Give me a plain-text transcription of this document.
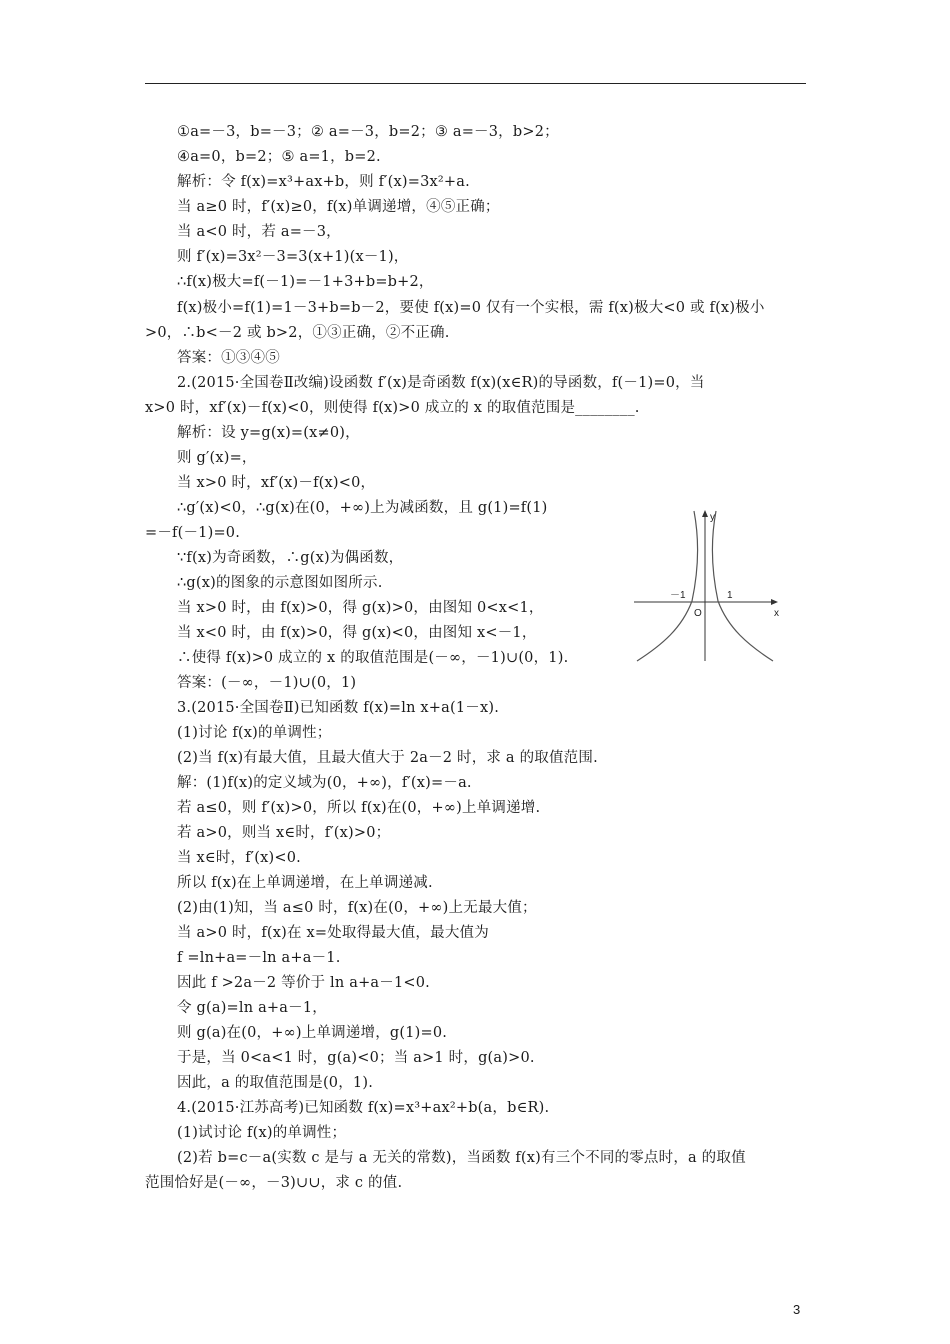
①a=－3，b=－3；② a=－3，b=2；③ a=－3，b>2；
④a=0，b=2；⑤ a=1，b=2.
解析：令 f(x)=x³+ax+b，则 f′(x)=3x²+a.
当 a≥0 时，f′(x)≥0，f(x)单调递增，④⑤正确；
当 a<0 时，若 a=－3，
则 f′(x)=3x²－3=3(x+1)(x－1)，
∴f(x)极大=f(－1)=－1+3+b=b+2，
f(x)极小=f(1)=1－3+b=b－2，要使 f(x)=0 仅有一个实根，需 f(x)极大<0 或 f(x)极小
>0，∴b<－2 或 b>2，①③正确，②不正确.
答案：①③④⑤
2.(2015·全国卷Ⅱ改编)设函数 f′(x)是奇函数 f(x)(x∈R)的导函数，f(－1)=0，当
x>0 时，xf′(x)－f(x)<0，则使得 f(x)>0 成立的 x 的取值范围是________.
解析：设 y=g(x)=(x≠0)，
则 g′(x)=，
当 x>0 时，xf′(x)－f(x)<0，
∴g′(x)<0，∴g(x)在(0，+∞)上为减函数，且 g(1)=f(1)
=－f(－1)=0.
∵f(x)为奇函数，∴g(x)为偶函数，
∴g(x)的图象的示意图如图所示.
当 x>0 时，由 f(x)>0，得 g(x)>0，由图知 0<x<1，
当 x<0 时，由 f(x)>0，得 g(x)<0，由图知 x<－1，
∴使得 f(x)>0 成立的 x 的取值范围是(－∞，－1)∪(0，1).
答案：(－∞，－1)∪(0，1)
3.(2015·全国卷Ⅱ)已知函数 f(x)=ln x+a(1－x).
(1)讨论 f(x)的单调性；
(2)当 f(x)有最大值，且最大值大于 2a－2 时，求 a 的取值范围.
解：(1)f(x)的定义域为(0，+∞)，f′(x)=－a.
若 a≤0，则 f′(x)>0，所以 f(x)在(0，+∞)上单调递增.
若 a>0，则当 x∈时，f′(x)>0；
当 x∈时，f′(x)<0.
所以 f(x)在上单调递增，在上单调递减.
(2)由(1)知，当 a≤0 时，f(x)在(0，+∞)上无最大值；
当 a>0 时，f(x)在 x=处取得最大值，最大值为
f =ln+a=－ln a+a－1.
因此 f >2a－2 等价于 ln a+a－1<0.
令 g(a)=ln a+a－1，
则 g(a)在(0，+∞)上单调递增，g(1)=0.
于是，当 0<a<1 时，g(a)<0；当 a>1 时，g(a)>0.
因此，a 的取值范围是(0，1).
4.(2015·江苏高考)已知函数 f(x)=x³+ax²+b(a，b∈R).
(1)试讨论 f(x)的单调性；
(2)若 b=c－a(实数 c 是与 a 无关的常数)，当函数 f(x)有三个不同的零点时，a 的取值
范围恰好是(－∞，－3)∪∪，求 c 的值.
y
x
－1
O
1
3
